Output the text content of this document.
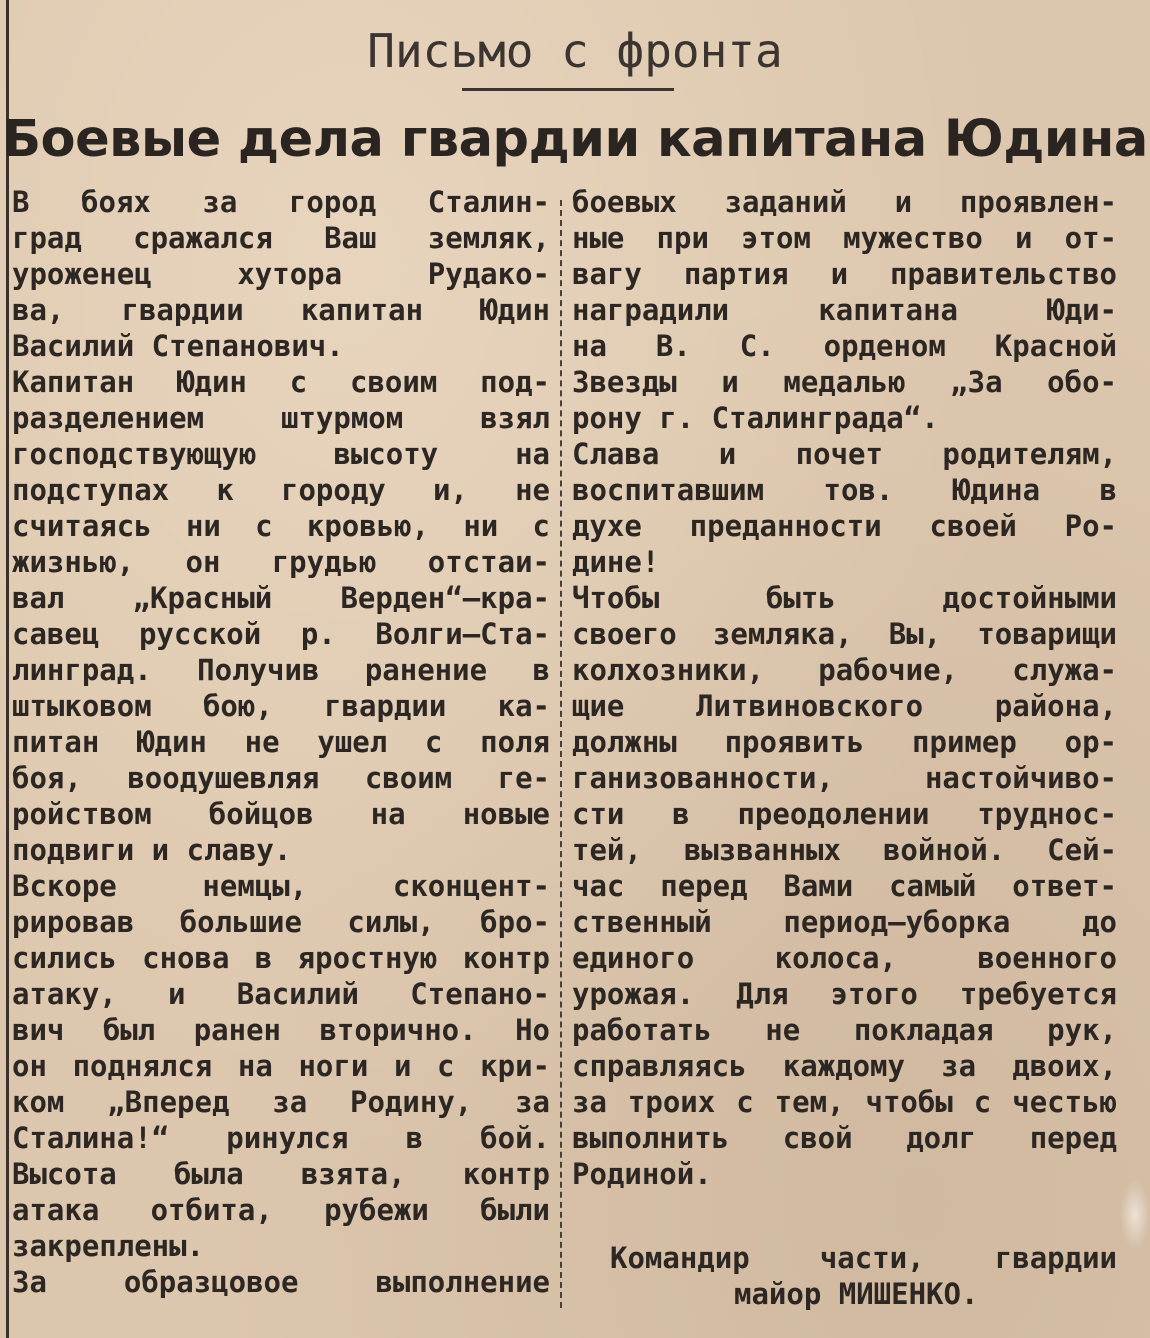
Письмо с фронта
Боевые дела гвардии капитана Юдина
В боях за город Сталин-
град сражался Ваш земляк,
уроженец хутора Рудако-
ва, гвардии капитан Юдин
Василий Степанович.
Капитан Юдин с своим под-
разделением штурмом взял
господствующую высоту на
подступах к городу и, не
считаясь ни с кровью, ни с
жизнью, он грудью отстаи-
вал „Красный Верден“—кра-
савец русской р. Волги—Ста-
линград. Получив ранение в
штыковом бою, гвардии ка-
питан Юдин не ушел с поля
боя, воодушевляя своим ге-
ройством бойцов на новые
подвиги и славу.
Вскоре немцы, сконцент-
рировав большие силы, бро-
сились снова в яростную контр
атаку, и Василий Степано-
вич был ранен вторично. Но
он поднялся на ноги и с кри-
ком „Вперед за Родину, за
Сталина!“ ринулся в бой.
Высота была взята, контр
атака отбита, рубежи были
закреплены.
За образцовое выполнение
боевых заданий и проявлен-
ные при этом мужество и от-
вагу партия и правительство
наградили капитана Юди-
на В. С. орденом Красной
Звезды и медалью „За обо-
рону г. Сталинграда“.
Слава и почет родителям,
воспитавшим тов. Юдина в
духе преданности своей Ро-
дине!
Чтобы быть достойными
своего земляка, Вы, товарищи
колхозники, рабочие, служа-
щие Литвиновского района,
должны проявить пример ор-
ганизованности, настойчиво-
сти в преодолении труднос-
тей, вызванных войной. Сей-
час перед Вами самый ответ-
ственный период—уборка до
единого колоса, военного
урожая. Для этого требуется
работать не покладая рук,
справляясь каждому за двоих,
за троих с тем, чтобы с честью
выполнить свой долг перед
Родиной.
Командир части, гвардии
майор МИШЕНКО.
